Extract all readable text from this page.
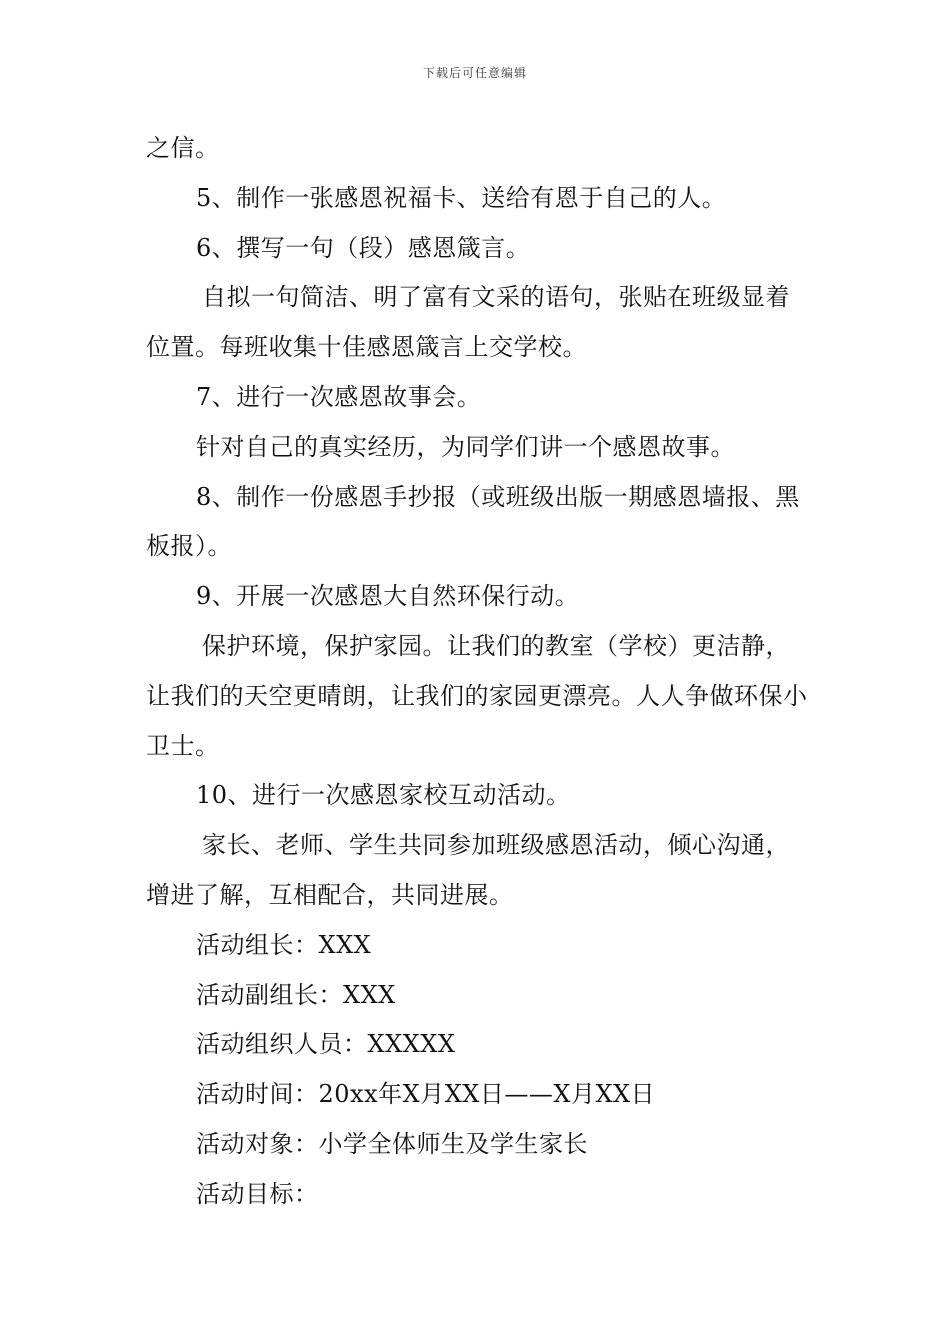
下载后可任意编辑

之信。

5、制作一张感恩祝福卡、送给有恩于自己的人。

6、撰写一句（段）感恩箴言。

自拟一句简洁、明了富有文采的语句，张贴在班级显着位置。每班收集十佳感恩箴言上交学校。

7、进行一次感恩故事会。

针对自己的真实经历，为同学们讲一个感恩故事。

8、制作一份感恩手抄报（或班级出版一期感恩墙报、黑板报）。

9、开展一次感恩大自然环保行动。

保护环境，保护家园。让我们的教室（学校）更洁静，让我们的天空更晴朗，让我们的家园更漂亮。人人争做环保小卫士。

10、进行一次感恩家校互动活动。

家长、老师、学生共同参加班级感恩活动，倾心沟通，增进了解，互相配合，共同进展。

活动组长：XXX

活动副组长：XXX

活动组织人员：XXXXX

活动时间：20xx年X月XX日——X月XX日

活动对象：小学全体师生及学生家长

活动目标：
